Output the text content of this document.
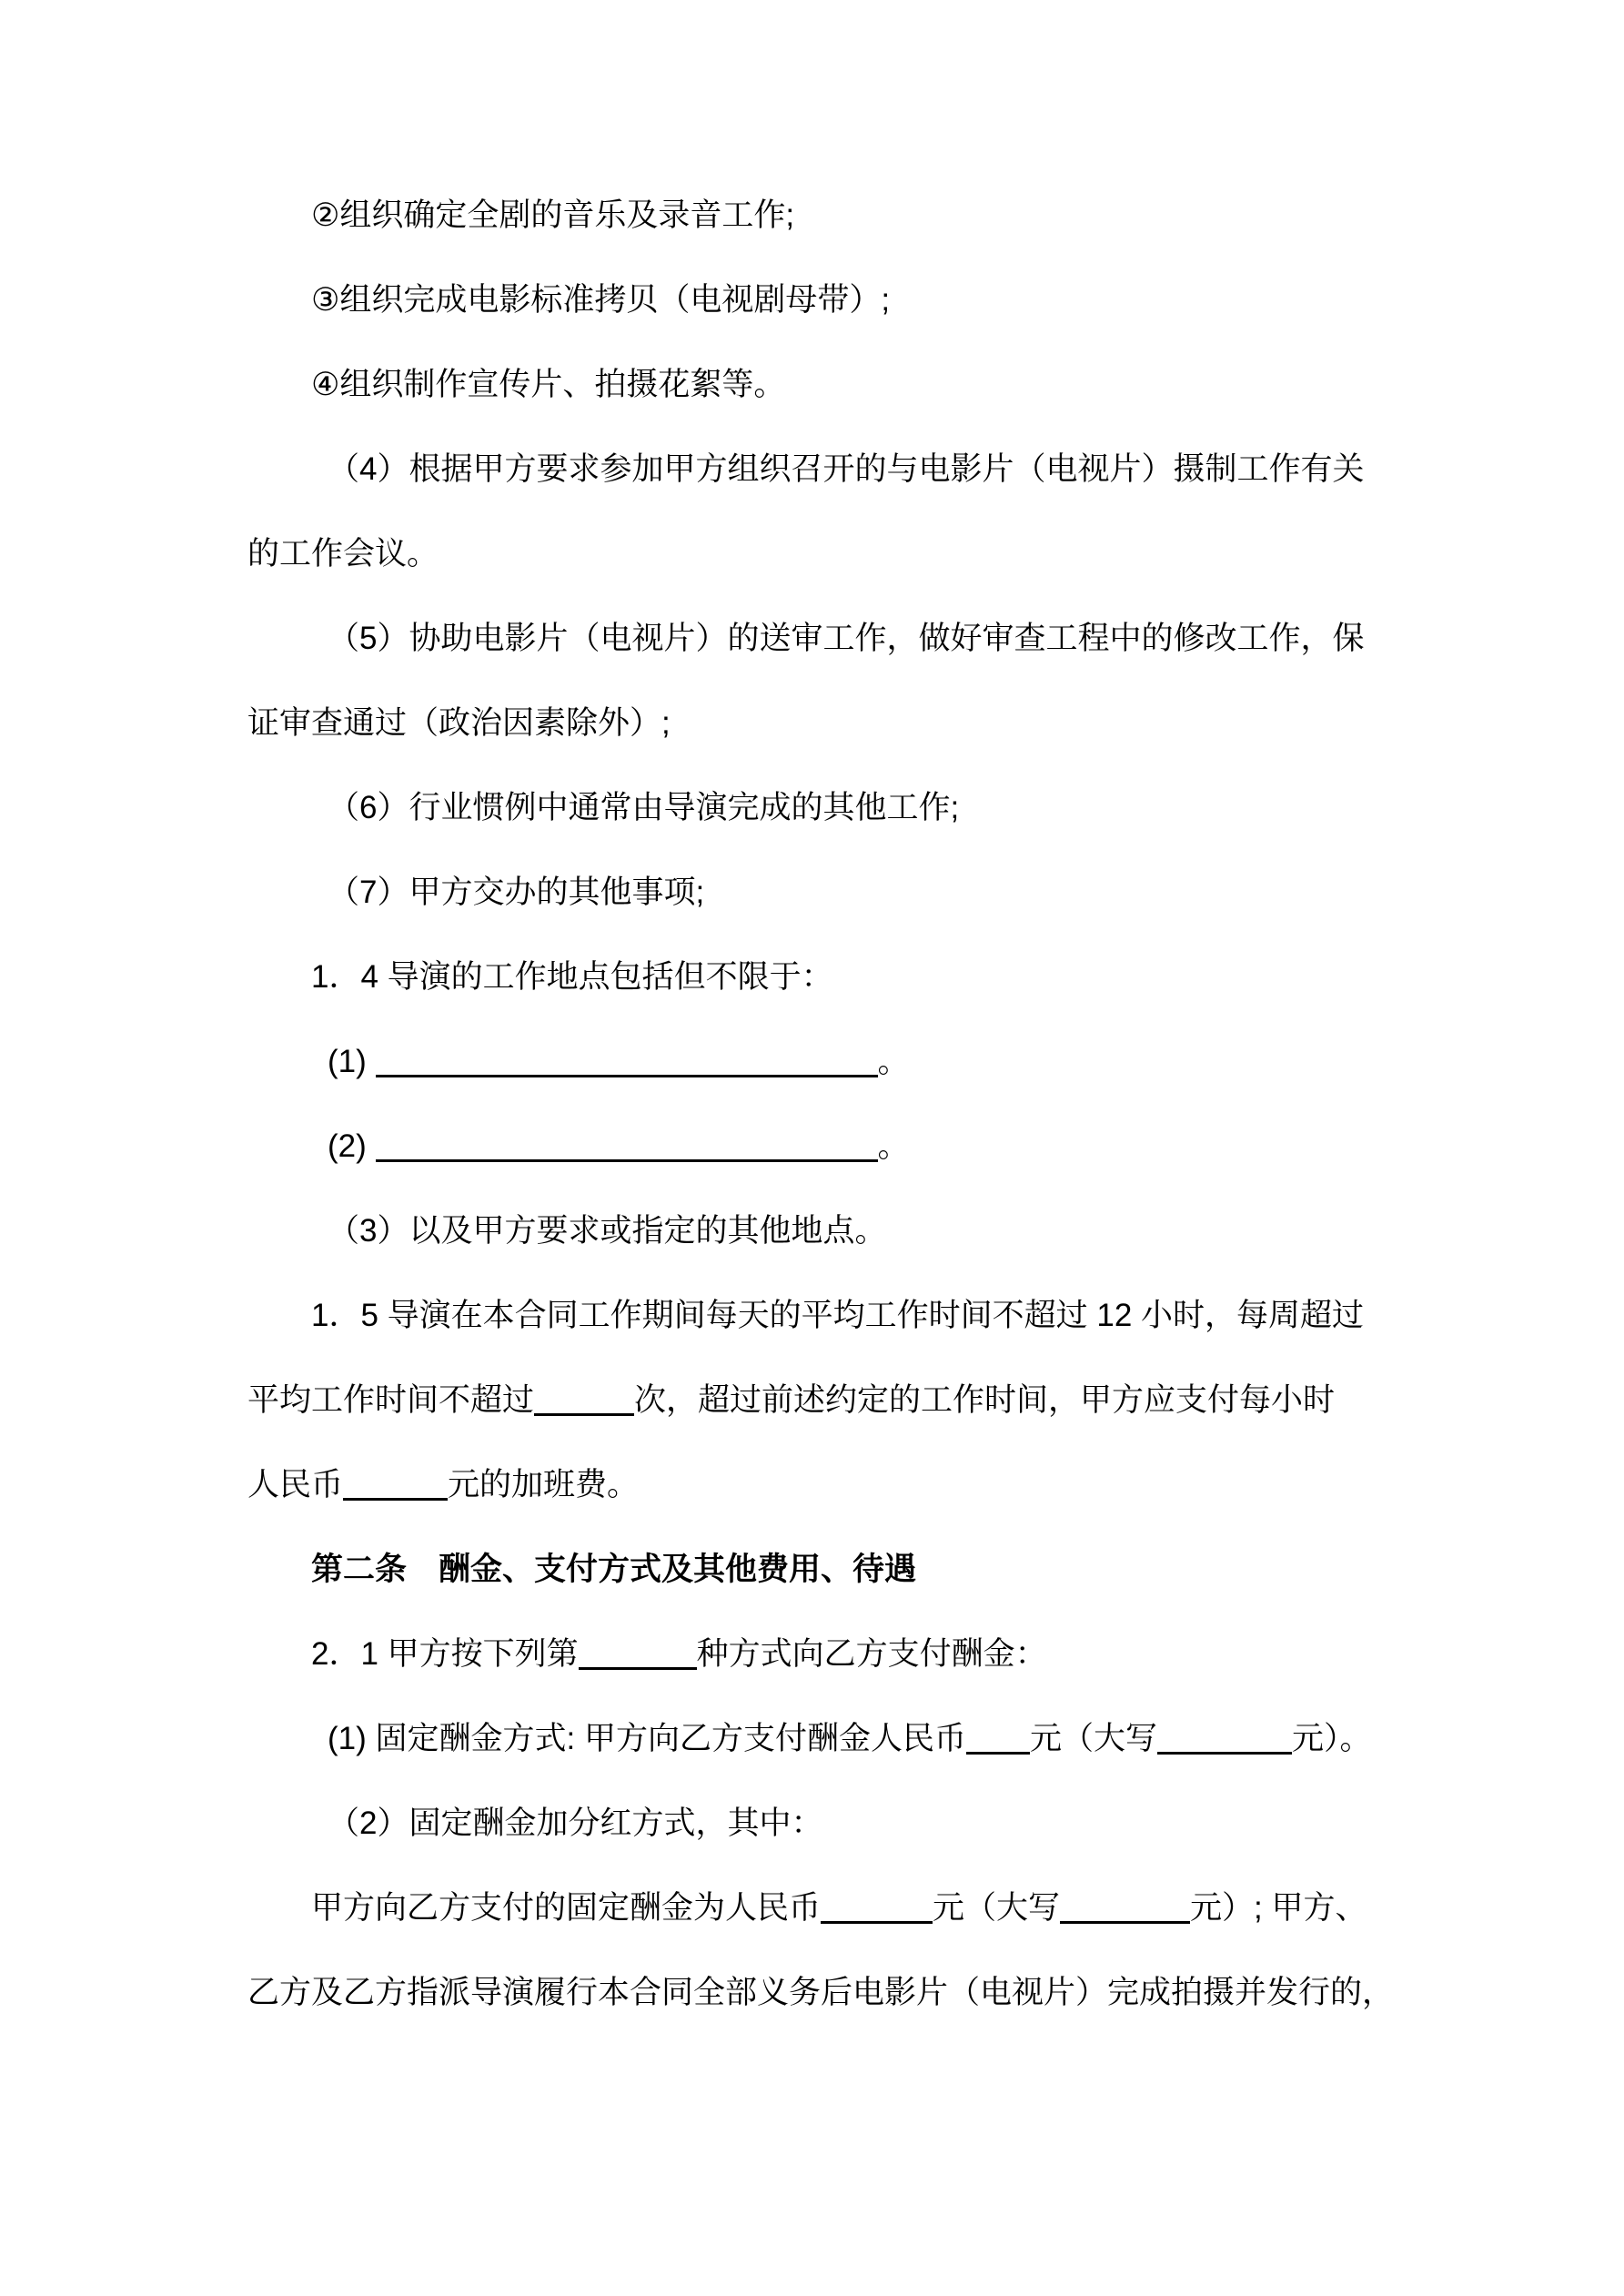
②组织确定全剧的音乐及录音工作;
③组织完成电影标准拷贝（电视剧母带）;
④组织制作宣传片、拍摄花絮等。
（4）根据甲方要求参加甲方组织召开的与电影片（电视片）摄制工作有关
的工作会议。
（5）协助电影片（电视片）的送审工作，做好审查工程中的修改工作，保
证审查通过（政治因素除外）;
（6）行业惯例中通常由导演完成的其他工作;
（7）甲方交办的其他事项;
1．4 导演的工作地点包括但不限于：
(1)	。
(2)	。
（3）以及甲方要求或指定的其他地点。
1．5 导演在本合同工作期间每天的平均工作时间不超过 12 小时，每周超过
平均工作时间不超过	次，超过前述约定的工作时间，甲方应支付每小时
人民币	元的加班费。
第二条　酬金、支付方式及其他费用、待遇
2．1 甲方按下列第	种方式向乙方支付酬金：
(1) 固定酬金方式: 甲方向乙方支付酬金人民币 元（大写	元）。
（2）固定酬金加分红方式，其中：
甲方向乙方支付的固定酬金为人民币	元（大写	元）; 甲方、
乙方及乙方指派导演履行本合同全部义务后电影片（电视片）完成拍摄并发行的，
